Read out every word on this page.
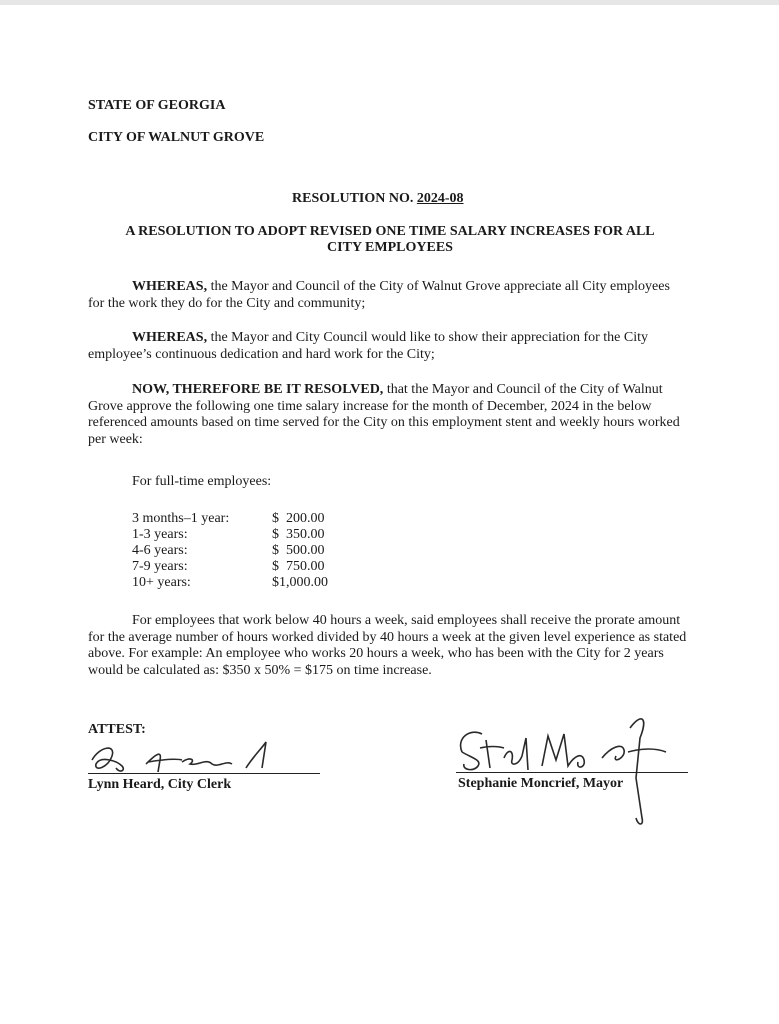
STATE OF GEORGIA
CITY OF WALNUT GROVE
RESOLUTION NO. 2024-08
A RESOLUTION TO ADOPT REVISED ONE TIME SALARY INCREASES FOR ALL
CITY EMPLOYEES
WHEREAS, the Mayor and Council of the City of Walnut Grove appreciate all City employees for the work they do for the City and community;
WHEREAS, the Mayor and City Council would like to show their appreciation for the City employee’s continuous dedication and hard work for the City;
NOW, THEREFORE BE IT RESOLVED, that the Mayor and Council of the City of Walnut Grove approve the following one time salary increase for the month of December, 2024 in the below referenced amounts based on time served for the City on this employment stent and weekly hours worked per week:
For full-time employees:
3 months–1 year:	$  200.00
1-3 years:	$  350.00
4-6 years:	$  500.00
7-9 years:	$  750.00
10+ years:	$1,000.00
For employees that work below 40 hours a week, said employees shall receive the prorate amount for the average number of hours worked divided by 40 hours a week at the given level experience as stated above. For example: An employee who works 20 hours a week, who has been with the City for 2 years would be calculated as: $350 x 50% = $175 on time increase.
ATTEST:
Lynn Heard, City Clerk	Stephanie Moncrief, Mayor
